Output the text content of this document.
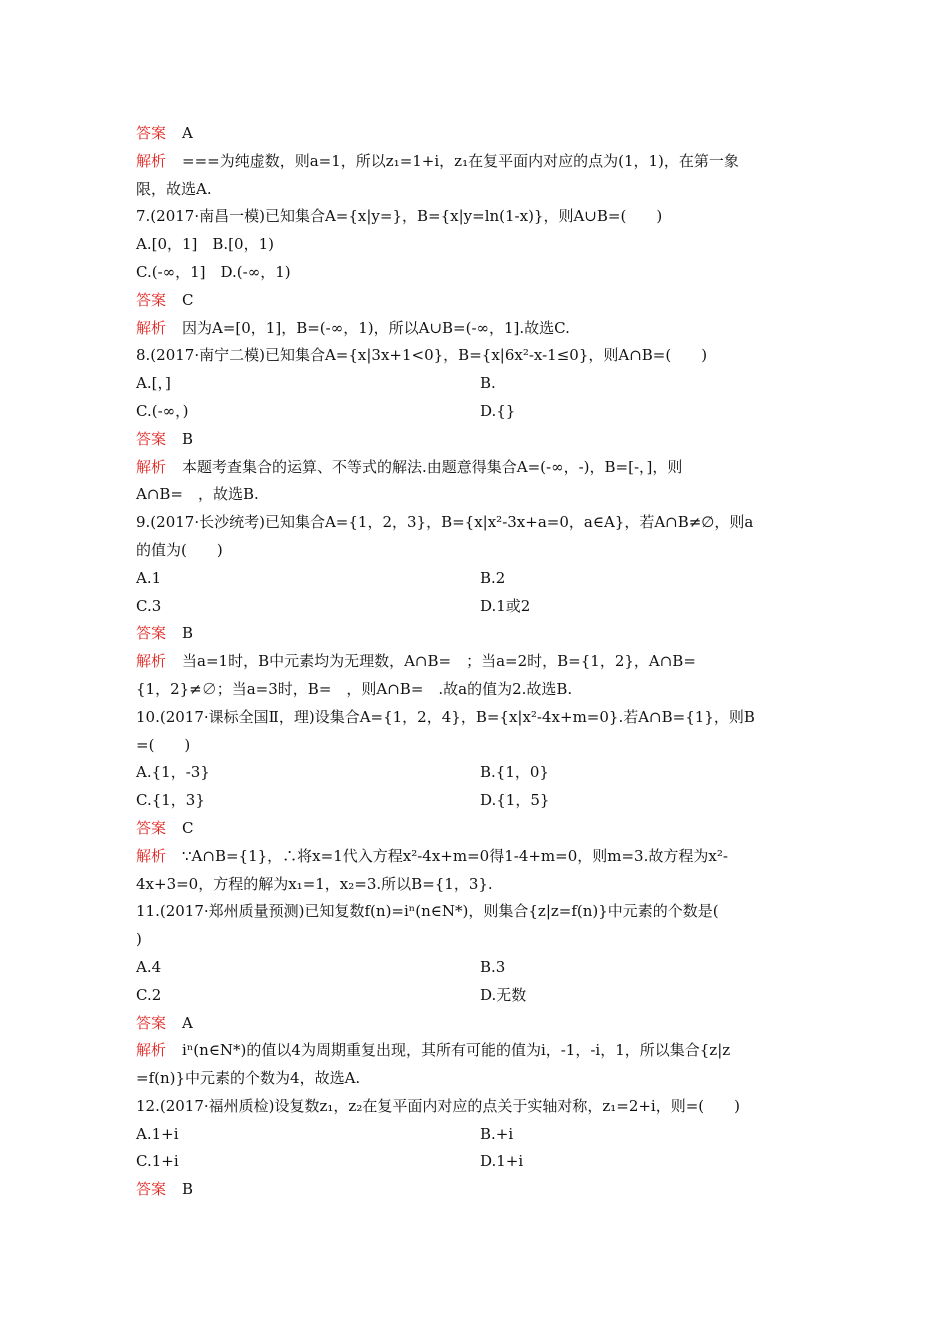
答案 A
解析 ===为纯虚数，则a=1，所以z₁=1+i，z₁在复平面内对应的点为(1，1)，在第一象
限，故选A.
7.(2017·南昌一模)已知集合A={x|y=}，B={x|y=ln(1-x)}，则A∪B=(　　)
A.[0，1]　B.[0，1)
C.(-∞，1]　D.(-∞，1)
答案 C
解析 因为A=[0，1]，B=(-∞，1)，所以A∪B=(-∞，1].故选C.
8.(2017·南宁二模)已知集合A={x|3x+1<0}，B={x|6x²-x-1≤0}，则A∩B=(　　)
A.[，]	B.
C.(-∞，)	D.{}
答案 B
解析 本题考查集合的运算、不等式的解法.由题意得集合A=(-∞，-)，B=[-，]，则
A∩B=　，故选B.
9.(2017·长沙统考)已知集合A={1，2，3}，B={x|x²-3x+a=0，a∈A}，若A∩B≠∅，则a
的值为(　　)
A.1	B.2
C.3	D.1或2
答案 B
解析 当a=1时，B中元素均为无理数，A∩B=　；当a=2时，B={1，2}，A∩B=
{1，2}≠∅；当a=3时，B=　，则A∩B=　.故a的值为2.故选B.
10.(2017·课标全国Ⅱ，理)设集合A={1，2，4}，B={x|x²-4x+m=0}.若A∩B={1}，则B
=(　　)
A.{1，-3}	B.{1，0}
C.{1，3}	D.{1，5}
答案 C
解析 ∵A∩B={1}，∴将x=1代入方程x²-4x+m=0得1-4+m=0，则m=3.故方程为x²-
4x+3=0，方程的解为x₁=1，x₂=3.所以B={1，3}.
11.(2017·郑州质量预测)已知复数f(n)=iⁿ(n∈N*)，则集合{z|z=f(n)}中元素的个数是(
)
A.4	B.3
C.2	D.无数
答案 A
解析 iⁿ(n∈N*)的值以4为周期重复出现，其所有可能的值为i，-1，-i，1，所以集合{z|z
=f(n)}中元素的个数为4，故选A.
12.(2017·福州质检)设复数z₁，z₂在复平面内对应的点关于实轴对称，z₁=2+i，则=(　　)
A.1+i	B.+i
C.1+i	D.1+i
答案 B
